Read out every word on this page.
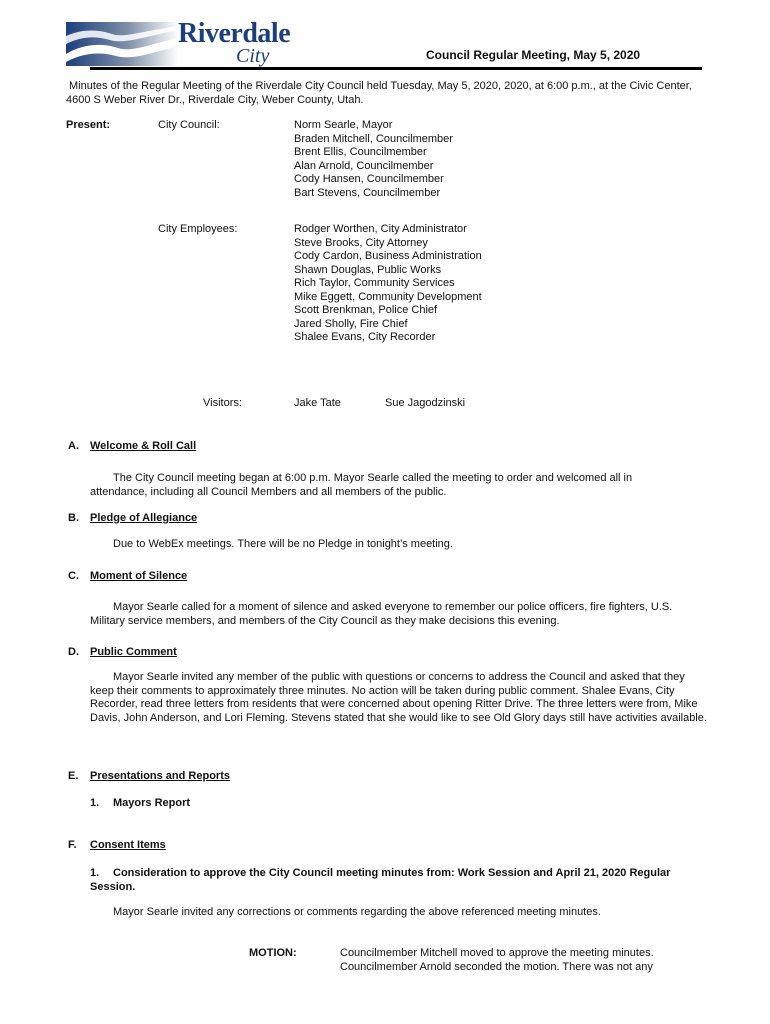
Riverdale
City	Council Regular Meeting, May 5, 2020
Minutes of the Regular Meeting of the Riverdale City Council held Tuesday, May 5, 2020, 2020, at 6:00 p.m., at the Civic Center, 4600 S Weber River Dr., Riverdale City, Weber County, Utah.
Present:	City Council:	Norm Searle, Mayor
Braden Mitchell, Councilmember
Brent Ellis, Councilmember
Alan Arnold, Councilmember
Cody Hansen, Councilmember
Bart Stevens, Councilmember
City Employees:	Rodger Worthen, City Administrator
Steve Brooks, City Attorney
Cody Cardon, Business Administration
Shawn Douglas, Public Works
Rich Taylor, Community Services
Mike Eggett, Community Development
Scott Brenkman, Police Chief
Jared Sholly, Fire Chief
Shalee Evans, City Recorder
Visitors:	Jake Tate	Sue Jagodzinski
A. Welcome & Roll Call
The City Council meeting began at 6:00 p.m. Mayor Searle called the meeting to order and welcomed all in attendance, including all Council Members and all members of the public.
B. Pledge of Allegiance
Due to WebEx meetings. There will be no Pledge in tonight’s meeting.
C. Moment of Silence
Mayor Searle called for a moment of silence and asked everyone to remember our police officers, fire fighters, U.S. Military service members, and members of the City Council as they make decisions this evening.
D. Public Comment
Mayor Searle invited any member of the public with questions or concerns to address the Council and asked that they keep their comments to approximately three minutes. No action will be taken during public comment. Shalee Evans, City Recorder, read three letters from residents that were concerned about opening Ritter Drive. The three letters were from, Mike Davis, John Anderson, and Lori Fleming. Stevens stated that she would like to see Old Glory days still have activities available.
E. Presentations and Reports
1. Mayors Report
F. Consent Items
1.	Consideration to approve the City Council meeting minutes from: Work Session and April 21, 2020 Regular Session.
Mayor Searle invited any corrections or comments regarding the above referenced meeting minutes.
MOTION:	Councilmember Mitchell moved to approve the meeting minutes.
Councilmember Arnold seconded the motion. There was not any
